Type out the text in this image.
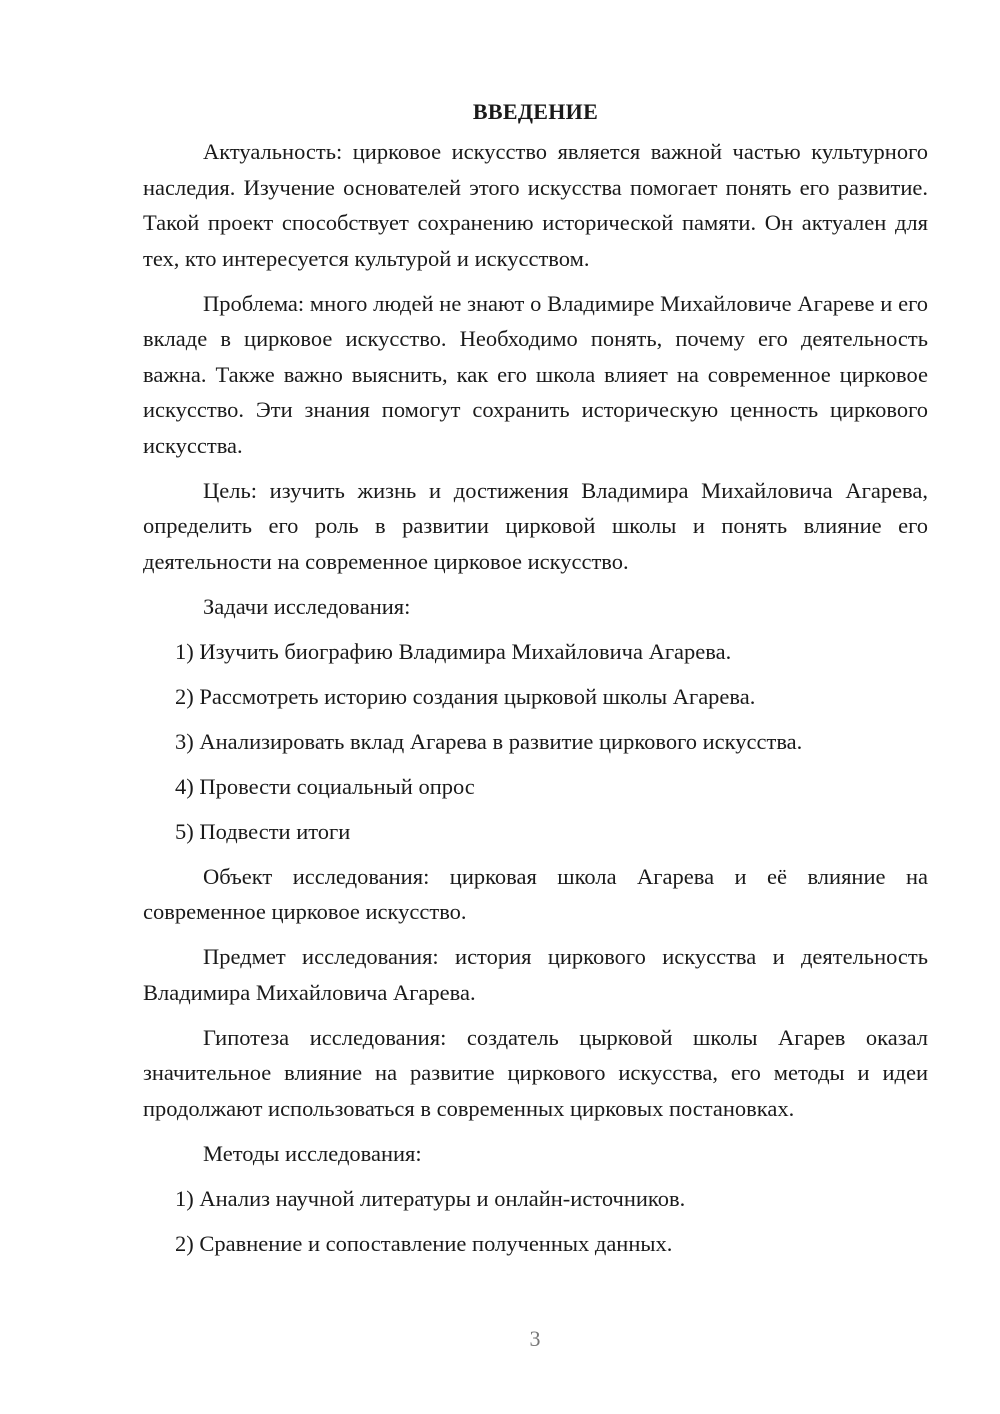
ВВЕДЕНИЕ

Актуальность: цирковое искусство является важной частью культурного наследия. Изучение основателей этого искусства помогает понять его развитие. Такой проект способствует сохранению исторической памяти. Он актуален для тех, кто интересуется культурой и искусством.

Проблема: много людей не знают о Владимире Михайловиче Агареве и его вкладе в цирковое искусство. Необходимо понять, почему его деятельность важна. Также важно выяснить, как его школа влияет на современное цирковое искусство. Эти знания помогут сохранить историческую ценность циркового искусства.

Цель: изучить жизнь и достижения Владимира Михайловича Агарева, определить его роль в развитии цирковой школы и понять влияние его деятельности на современное цирковое искусство.

Задачи исследования:

1) Изучить биографию Владимира Михайловича Агарева.

2) Рассмотреть историю создания цырковой школы Агарева.

3) Анализировать вклад Агарева в развитие циркового искусства.

4) Провести социальный опрос

5) Подвести итоги

Объект исследования: цирковая школа Агарева и её влияние на современное цирковое искусство.

Предмет исследования: история циркового искусства и деятельность Владимира Михайловича Агарева.

Гипотеза исследования: создатель цырковой школы Агарев оказал значительное влияние на развитие циркового искусства, его методы и идеи продолжают использоваться в современных цирковых постановках.

Методы исследования:

1) Анализ научной литературы и онлайн-источников.

2) Сравнение и сопоставление полученных данных.

3
